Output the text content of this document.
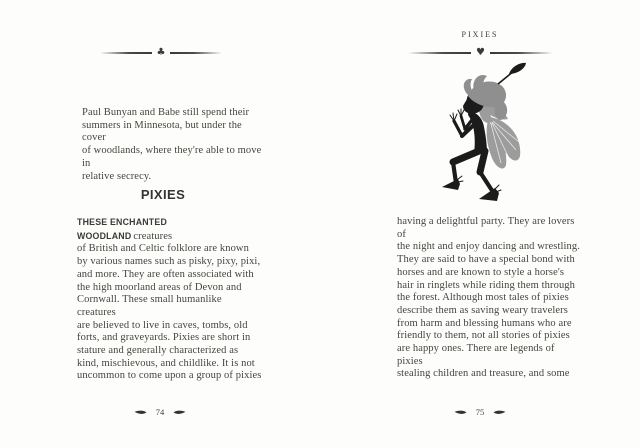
♣
Paul Bunyan and Babe still spend their
summers in Minnesota, but under the cover
of woodlands, where they're able to move in
relative secrecy.
PIXIES
THESE ENCHANTED WOODLAND creatures
of British and Celtic folklore are known
by various names such as pisky, pixy, pixi,
and more. They are often associated with
the high moorland areas of Devon and
Cornwall. These small humanlike creatures
are believed to live in caves, tombs, old
forts, and graveyards. Pixies are short in
stature and generally characterized as
kind, mischievous, and childlike. It is not
uncommon to come upon a group of pixies
74
PIXIES
♥
having a delightful party. They are lovers of
the night and enjoy dancing and wrestling.
They are said to have a special bond with
horses and are known to style a horse's
hair in ringlets while riding them through
the forest. Although most tales of pixies
describe them as saving weary travelers
from harm and blessing humans who are
friendly to them, not all stories of pixies
are happy ones. There are legends of pixies
stealing children and treasure, and some
75
